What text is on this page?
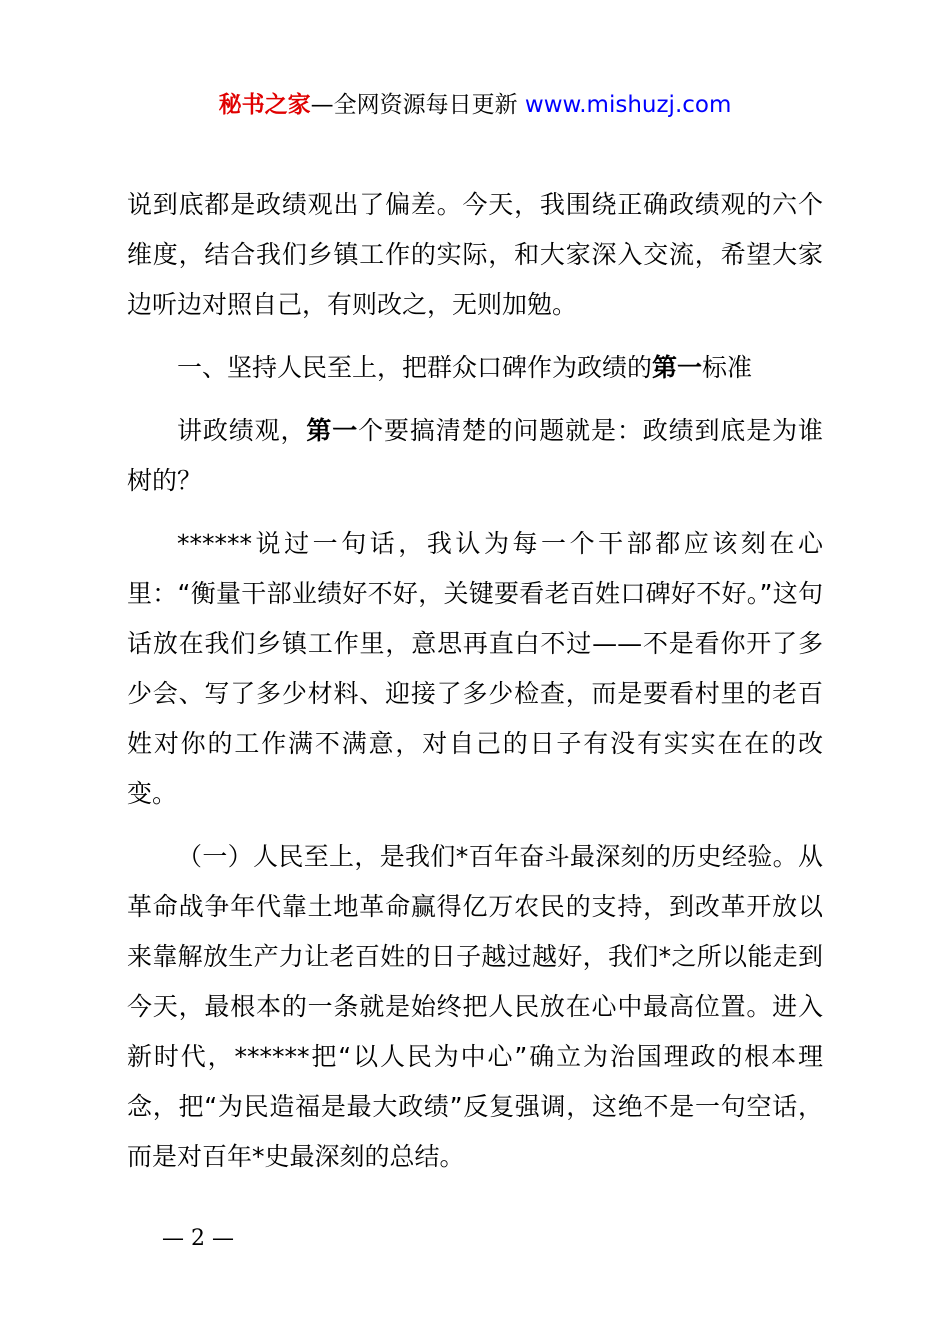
秘书之家—全网资源每日更新 www.mishuzj.com

说到底都是政绩观出了偏差。今天，我围绕正确政绩观的六个维度，结合我们乡镇工作的实际，和大家深入交流，希望大家边听边对照自己，有则改之，无则加勉。

一、坚持人民至上，把群众口碑作为政绩的第一标准

讲政绩观，第一个要搞清楚的问题就是：政绩到底是为谁树的？

******说过一句话，我认为每一个干部都应该刻在心里：“衡量干部业绩好不好，关键要看老百姓口碑好不好。”这句话放在我们乡镇工作里，意思再直白不过——不是看你开了多少会、写了多少材料、迎接了多少检查，而是要看村里的老百姓对你的工作满不满意，对自己的日子有没有实实在在的改变。

（一）人民至上，是我们*百年奋斗最深刻的历史经验。从革命战争年代靠土地革命赢得亿万农民的支持，到改革开放以来靠解放生产力让老百姓的日子越过越好，我们*之所以能走到今天，最根本的一条就是始终把人民放在心中最高位置。进入新时代，******把“以人民为中心”确立为治国理政的根本理念，把“为民造福是最大政绩”反复强调，这绝不是一句空话，而是对百年*史最深刻的总结。

— 2 —
